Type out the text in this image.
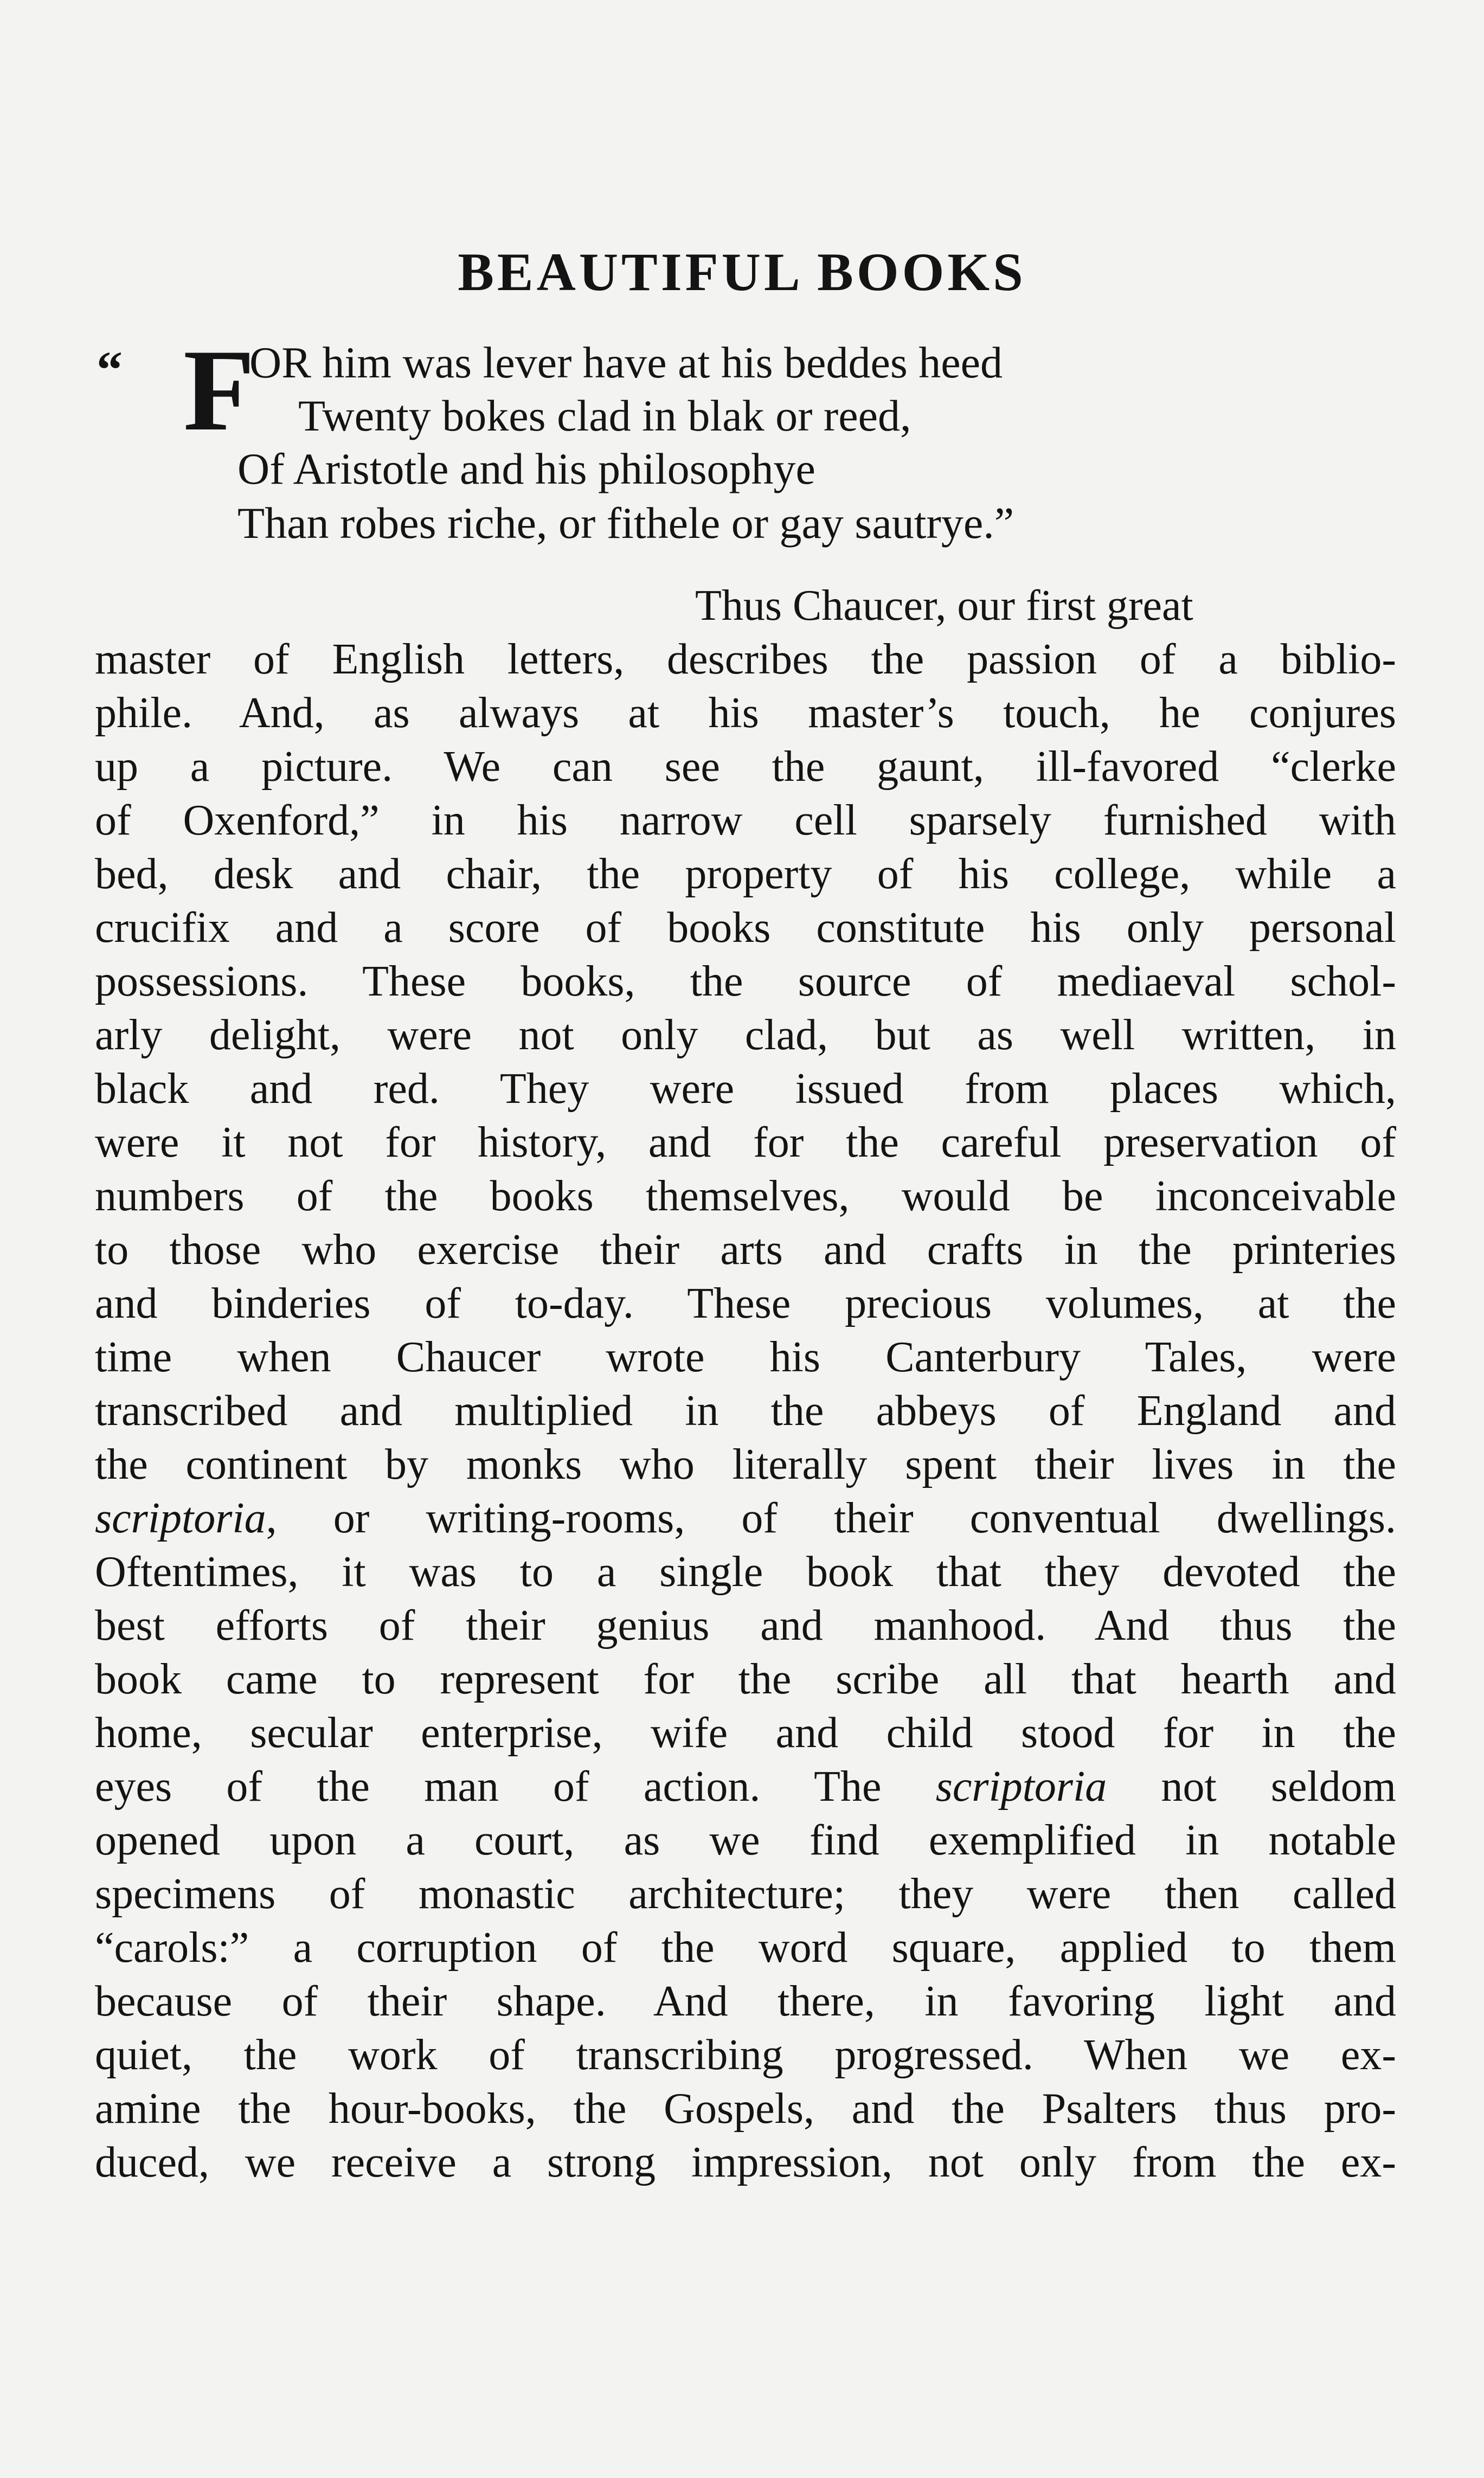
BEAUTIFUL BOOKS
“ F
OR him was lever have at his beddes heed
Twenty bokes clad in blak or reed,
Of Aristotle and his philosophye
Than robes riche, or fithele or gay sautrye.”
Thus Chaucer, our first great
master of English letters, describes the passion of a biblio-
phile. And, as always at his master’s touch, he conjures
up a picture. We can see the gaunt, ill-favored “clerke
of Oxenford,” in his narrow cell sparsely furnished with
bed, desk and chair, the property of his college, while a
crucifix and a score of books constitute his only personal
possessions. These books, the source of mediaeval schol-
arly delight, were not only clad, but as well written, in
black and red. They were issued from places which,
were it not for history, and for the careful preservation of
numbers of the books themselves, would be inconceivable
to those who exercise their arts and crafts in the printeries
and binderies of to-day. These precious volumes, at the
time when Chaucer wrote his Canterbury Tales, were
transcribed and multiplied in the abbeys of England and
the continent by monks who literally spent their lives in the
scriptoria, or writing-rooms, of their conventual dwellings.
Oftentimes, it was to a single book that they devoted the
best efforts of their genius and manhood. And thus the
book came to represent for the scribe all that hearth and
home, secular enterprise, wife and child stood for in the
eyes of the man of action. The scriptoria not seldom
opened upon a court, as we find exemplified in notable
specimens of monastic architecture; they were then called
“carols:” a corruption of the word square, applied to them
because of their shape. And there, in favoring light and
quiet, the work of transcribing progressed. When we ex-
amine the hour-books, the Gospels, and the Psalters thus pro-
duced, we receive a strong impression, not only from the ex-
